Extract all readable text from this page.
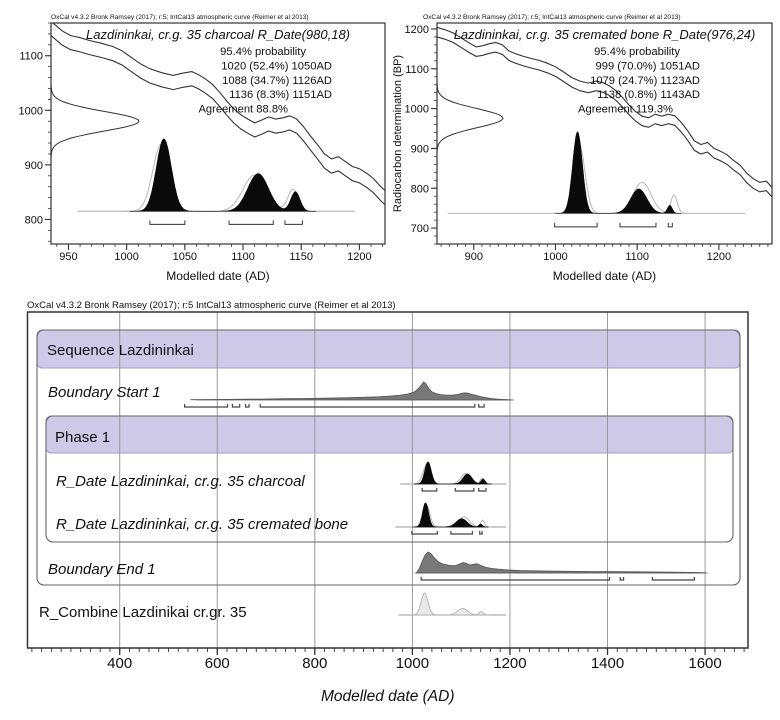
OxCal v4.3.2 Bronk Ramsey (2017); r:5; IntCal13 atmospheric curve (Reimer et al 2013)
950	1000	1050	1100	1150	1200
800
900
1000
1100
Lazdininkai, cr.g. 35 charcoal R_Date(980,18)
95.4% probability
1020 (52.4%) 1050AD
1088 (34.7%) 1126AD
1136 (8.3%) 1151AD
Agreement 88.8%
Modelled date (AD)
OxCal v4.3.2 Bronk Ramsey (2017); r:5; IntCal13 atmospheric curve (Reimer et al 2013)
900	1000	1100	1200
700
800
900
1000
1100
1200 Lazdininkai, cr.g. 35 cremated bone R_Date(976,24)
95.4% probability
999 (70.0%) 1051AD
1079 (24.7%) 1123AD
1138 (0.8%) 1143AD
Agreement 119.3%
Modelled date (AD)
Radiocarbon determination (BP)
OxCal v4.3.2 Bronk Ramsey (2017); r:5 IntCal13 atmospheric curve (Reimer et al 2013)
400	600	800	1000	1200	1400	1600
Modelled date (AD)
Sequence Lazdininkai
Boundary Start 1
Phase 1
R_Date Lazdininkai, cr.g. 35 charcoal
R_Date Lazdininkai, cr.g. 35 cremated bone
Boundary End 1
R_Combine Lazdinikai cr.gr. 35
